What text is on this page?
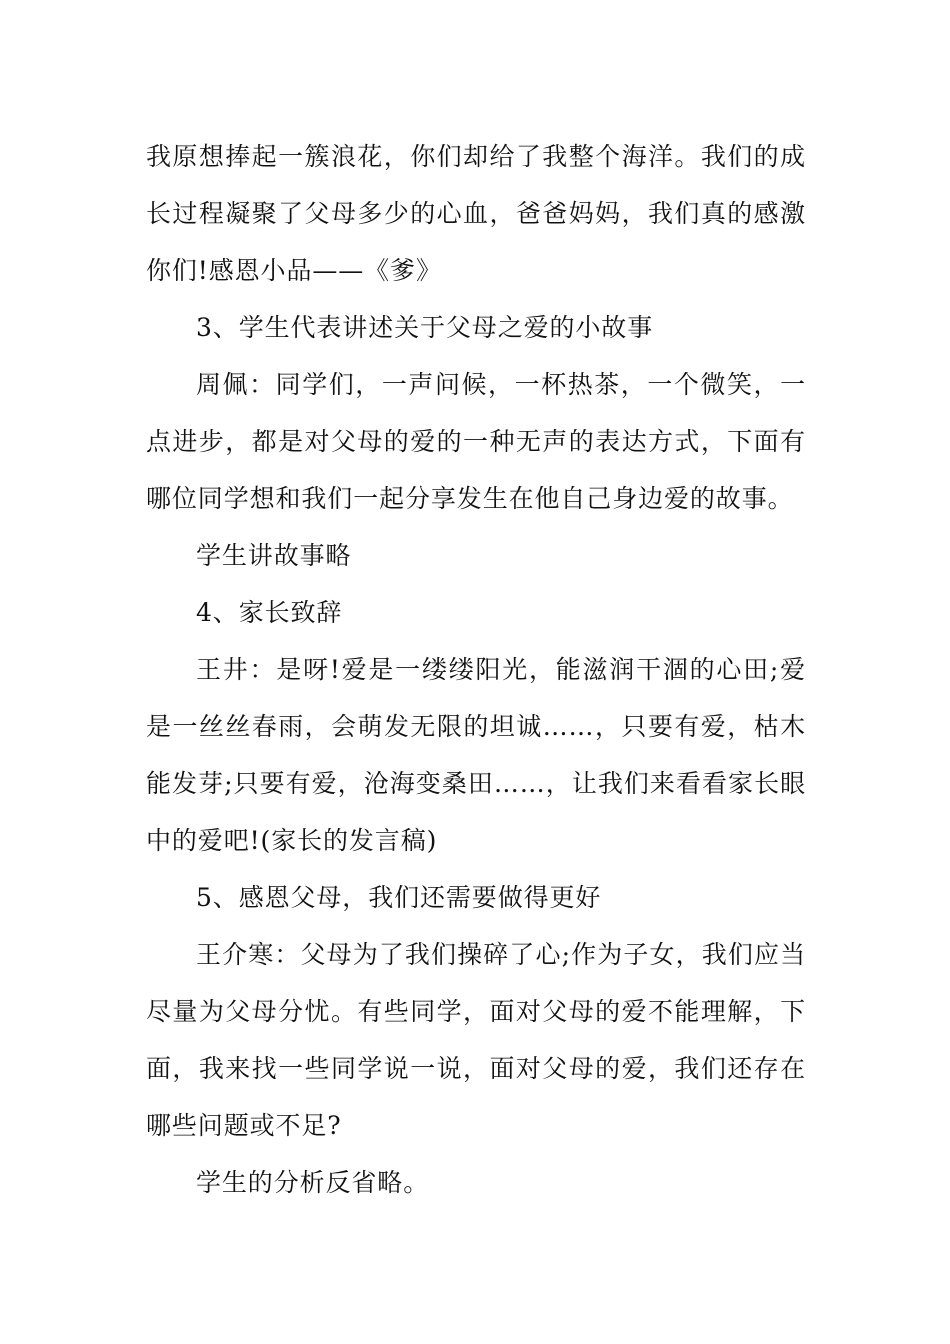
我原想捧起一簇浪花，你们却给了我整个海洋。我们的成长过程凝聚了父母多少的心血，爸爸妈妈，我们真的感激你们!感恩小品——《爹》

3、学生代表讲述关于父母之爱的小故事

周佩：同学们，一声问候，一杯热茶，一个微笑，一点进步，都是对父母的爱的一种无声的表达方式，下面有哪位同学想和我们一起分享发生在他自己身边爱的故事。

学生讲故事略

4、家长致辞

王井：是呀!爱是一缕缕阳光，能滋润干涸的心田;爱是一丝丝春雨，会萌发无限的坦诚……，只要有爱，枯木能发芽;只要有爱，沧海变桑田……，让我们来看看家长眼中的爱吧!(家长的发言稿)

5、感恩父母，我们还需要做得更好

王介寒：父母为了我们操碎了心;作为子女，我们应当尽量为父母分忧。有些同学，面对父母的爱不能理解，下面，我来找一些同学说一说，面对父母的爱，我们还存在哪些问题或不足?

学生的分析反省略。
